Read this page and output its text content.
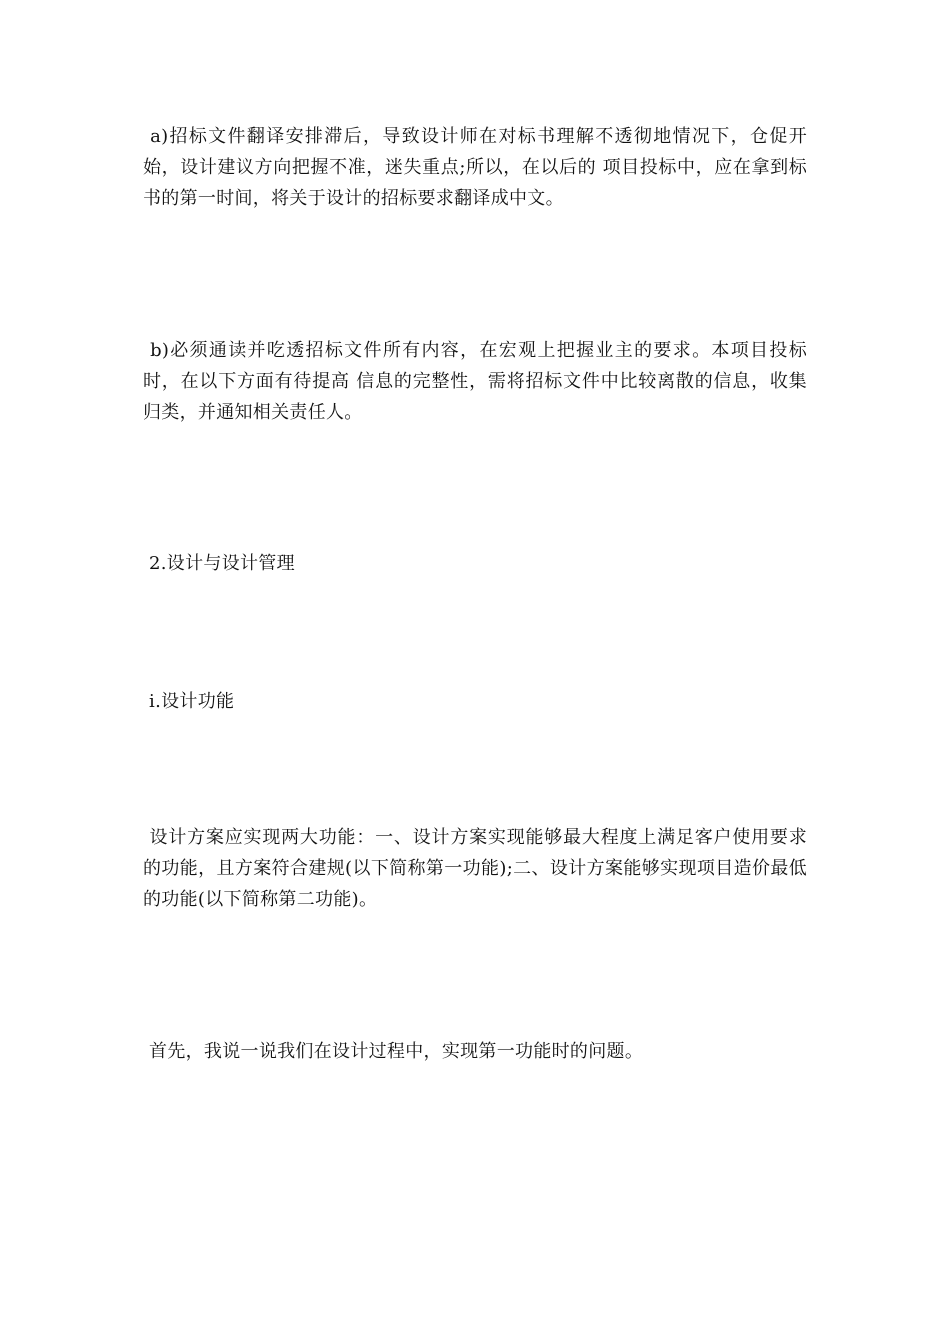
a)招标文件翻译安排滞后，导致设计师在对标书理解不透彻地情况下，仓促开始，设计建议方向把握不准，迷失重点;所以，在以后的 项目投标中，应在拿到标书的第一时间，将关于设计的招标要求翻译成中文。

b)必须通读并吃透招标文件所有内容，在宏观上把握业主的要求。本项目投标时，在以下方面有待提高 信息的完整性，需将招标文件中比较离散的信息，收集归类，并通知相关责任人。

2.设计与设计管理

i.设计功能

设计方案应实现两大功能：一、设计方案实现能够最大程度上满足客户使用要求的功能，且方案符合建规(以下简称第一功能);二、设计方案能够实现项目造价最低的功能(以下简称第二功能)。

首先，我说一说我们在设计过程中，实现第一功能时的问题。
